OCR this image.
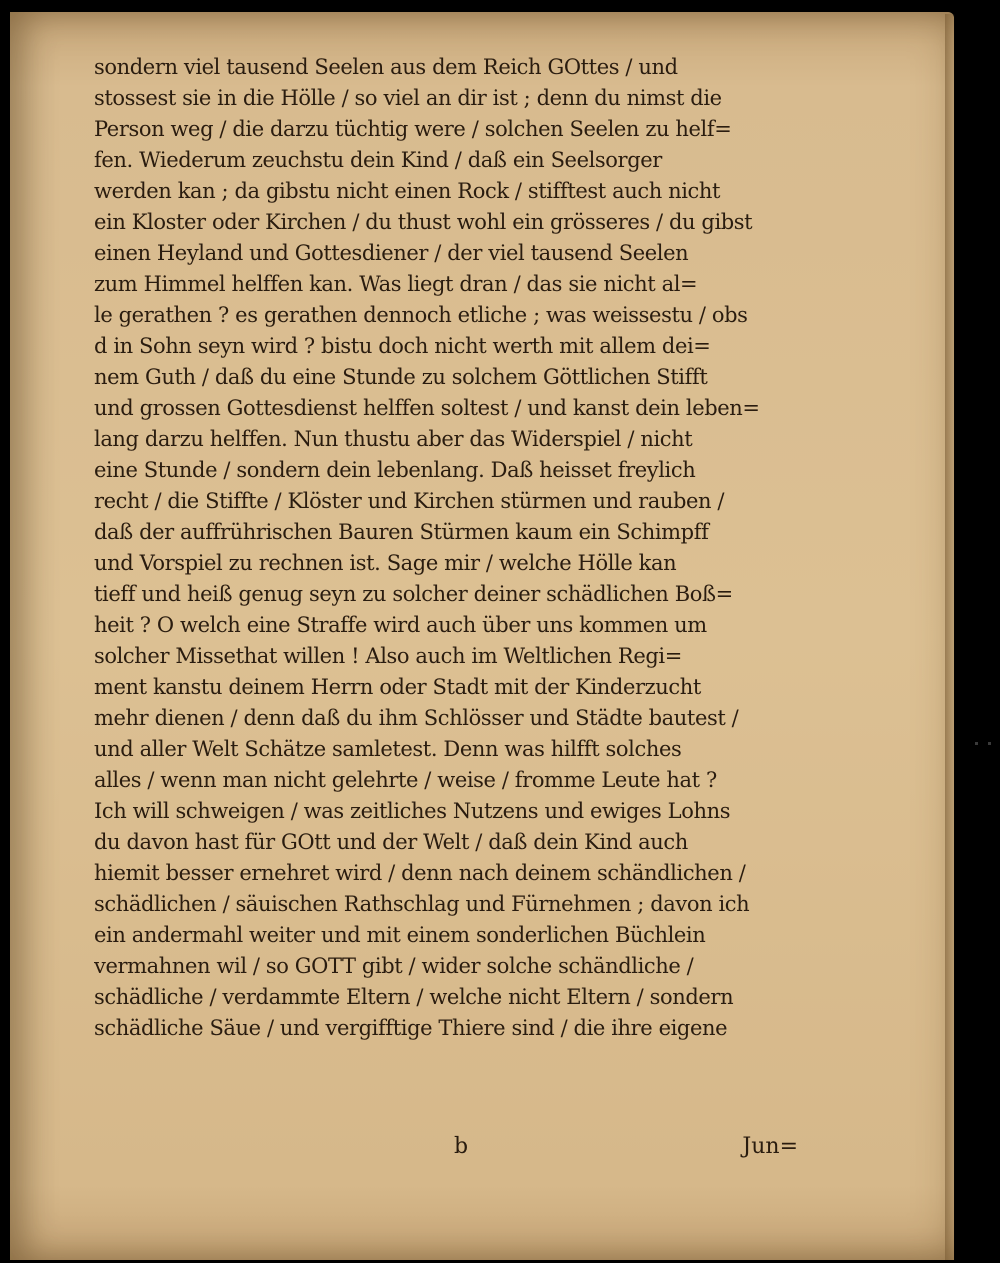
sondern viel tausend Seelen aus dem Reich GOttes / und
stossest sie in die Hölle / so viel an dir ist ; denn du nimst die
Person weg / die darzu tüchtig were / solchen Seelen zu helf=
fen. Wiederum zeuchstu dein Kind / daß ein Seelsorger
werden kan ; da gibstu nicht einen Rock / stifftest auch nicht
ein Kloster oder Kirchen / du thust wohl ein grösseres / du gibst
einen Heyland und Gottesdiener / der viel tausend Seelen
zum Himmel helffen kan. Was liegt dran / das sie nicht al=
le gerathen ? es gerathen dennoch etliche ; was weissestu / obs
d in Sohn seyn wird ? bistu doch nicht werth mit allem dei=
nem Guth / daß du eine Stunde zu solchem Göttlichen Stifft
und grossen Gottesdienst helffen soltest / und kanst dein leben=
lang darzu helffen. Nun thustu aber das Widerspiel / nicht
eine Stunde / sondern dein lebenlang. Daß heisset freylich
recht / die Stiffte / Klöster und Kirchen stürmen und rauben /
daß der auffrührischen Bauren Stürmen kaum ein Schimpff
und Vorspiel zu rechnen ist. Sage mir / welche Hölle kan
tieff und heiß genug seyn zu solcher deiner schädlichen Boß=
heit ? O welch eine Straffe wird auch über uns kommen um
solcher Missethat willen ! Also auch im Weltlichen Regi=
ment kanstu deinem Herrn oder Stadt mit der Kinderzucht
mehr dienen / denn daß du ihm Schlösser und Städte bautest /
und aller Welt Schätze samletest. Denn was hilfft solches
alles / wenn man nicht gelehrte / weise / fromme Leute hat ?
Ich will schweigen / was zeitliches Nutzens und ewiges Lohns
du davon hast für GOtt und der Welt / daß dein Kind auch
hiemit besser ernehret wird / denn nach deinem schändlichen /
schädlichen / säuischen Rathschlag und Fürnehmen ; davon ich
ein andermahl weiter und mit einem sonderlichen Büchlein
vermahnen wil / so GOTT gibt / wider solche schändliche /
schädliche / verdammte Eltern / welche nicht Eltern / sondern
schädliche Säue / und vergifftige Thiere sind / die ihre eigene
b	Jun=
